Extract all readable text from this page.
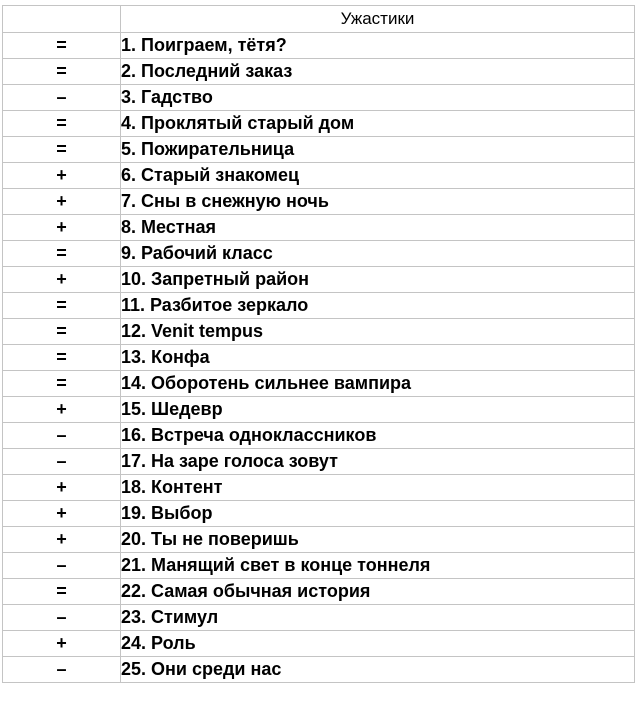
	Ужастики
=	1. Поиграем, тётя?
=	2. Последний заказ
–	3. Гадство
=	4. Проклятый старый дом
=	5. Пожирательница
+	6. Старый знакомец
+	7. Сны в снежную ночь
+	8. Местная
=	9. Рабочий класс
+	10. Запретный район
=	11. Разбитое зеркало
=	12. Venit tempus
=	13. Конфа
=	14. Оборотень сильнее вампира
+	15. Шедевр
–	16. Встреча одноклассников
–	17. На заре голоса зовут
+	18. Контент
+	19. Выбор
+	20. Ты не поверишь
–	21. Манящий свет в конце тоннеля
=	22. Самая обычная история
–	23. Стимул
+	24. Роль
–	25. Они среди нас
